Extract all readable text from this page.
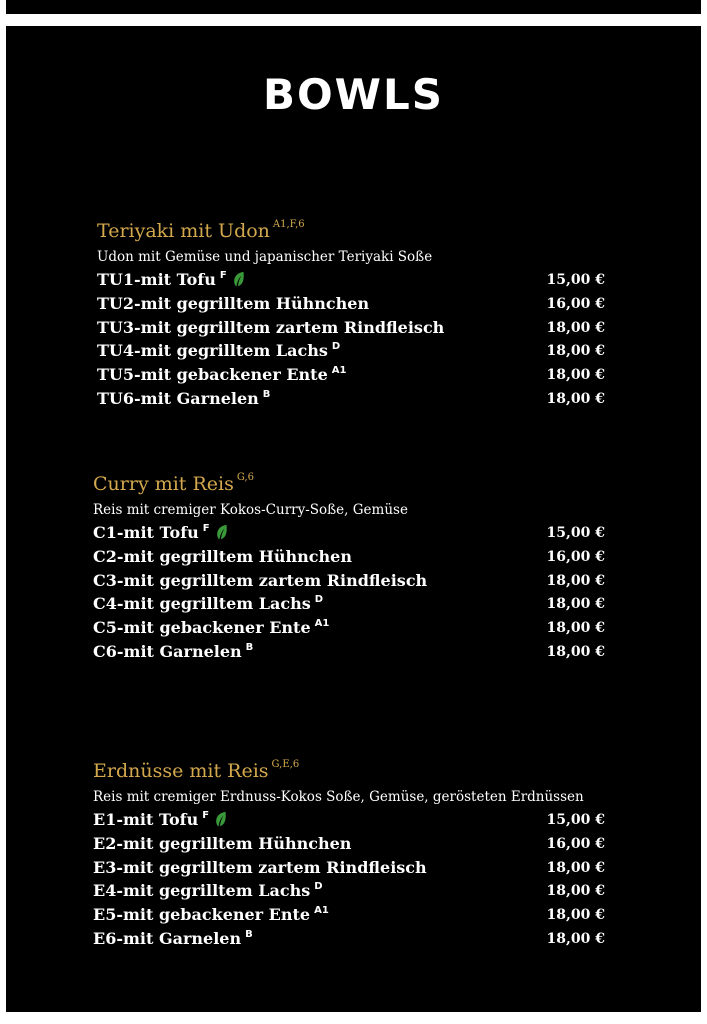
BOWLS
Teriyaki mit Udon $^{A1,F,6}$
Udon mit Gemüse und japanischer Teriyaki Soße
TU1-mit Tofu $^F$	15,00 €
TU2-mit gegrilltem Hühnchen	16,00 €
TU3-mit gegrilltem zartem Rindfleisch	18,00 €
TU4-mit gegrilltem Lachs $^D$	18,00 €
TU5-mit gebackener Ente $^{A1}$	18,00 €
TU6-mit Garnelen $^B$	18,00 €
Curry mit Reis $^{G,6}$
Reis mit cremiger Kokos-Curry-Soße, Gemüse
C1-mit Tofu $^F$	15,00 €
C2-mit gegrilltem Hühnchen	16,00 €
C3-mit gegrilltem zartem Rindfleisch	18,00 €
C4-mit gegrilltem Lachs $^D$	18,00 €
C5-mit gebackener Ente $^{A1}$	18,00 €
C6-mit Garnelen $^B$	18,00 €
Erdnüsse mit Reis $^{G,E,6}$
Reis mit cremiger Erdnuss-Kokos Soße, Gemüse, gerösteten Erdnüssen
E1-mit Tofu $^F$	15,00 €
E2-mit gegrilltem Hühnchen	16,00 €
E3-mit gegrilltem zartem Rindfleisch	18,00 €
E4-mit gegrilltem Lachs $^D$	18,00 €
E5-mit gebackener Ente $^{A1}$	18,00 €
E6-mit Garnelen $^B$	18,00 €
